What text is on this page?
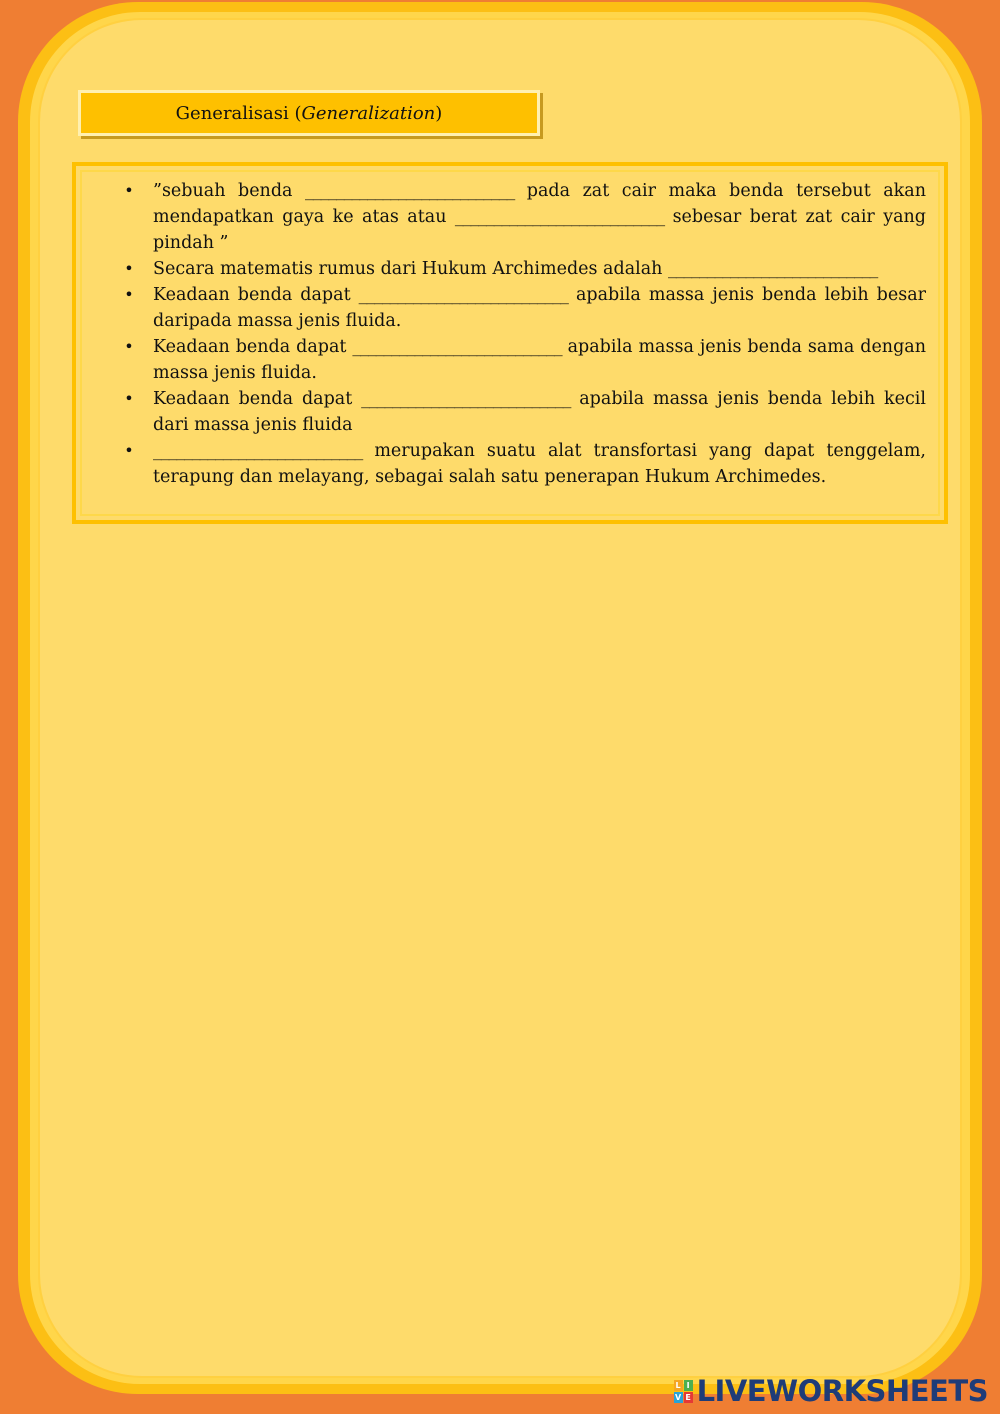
Generalisasi ( Generalization )
• ”sebuah benda ___________________________ pada zat cair maka benda tersebut akan mendapatkan gaya ke atas atau ___________________________ sebesar berat zat cair yang pindah ”
• Secara matematis rumus dari Hukum Archimedes adalah ___________________________
• Keadaan benda dapat ___________________________ apabila massa jenis benda lebih besar daripada massa jenis fluida.
• Keadaan benda dapat ___________________________ apabila massa jenis benda sama dengan massa jenis fluida.
• Keadaan benda dapat ___________________________ apabila massa jenis benda lebih kecil dari massa jenis fluida
• ___________________________ merupakan suatu alat transfortasi yang dapat tenggelam, terapung dan melayang, sebagai salah satu penerapan Hukum Archimedes.
L I
V E LIVEWORKSHEETS
